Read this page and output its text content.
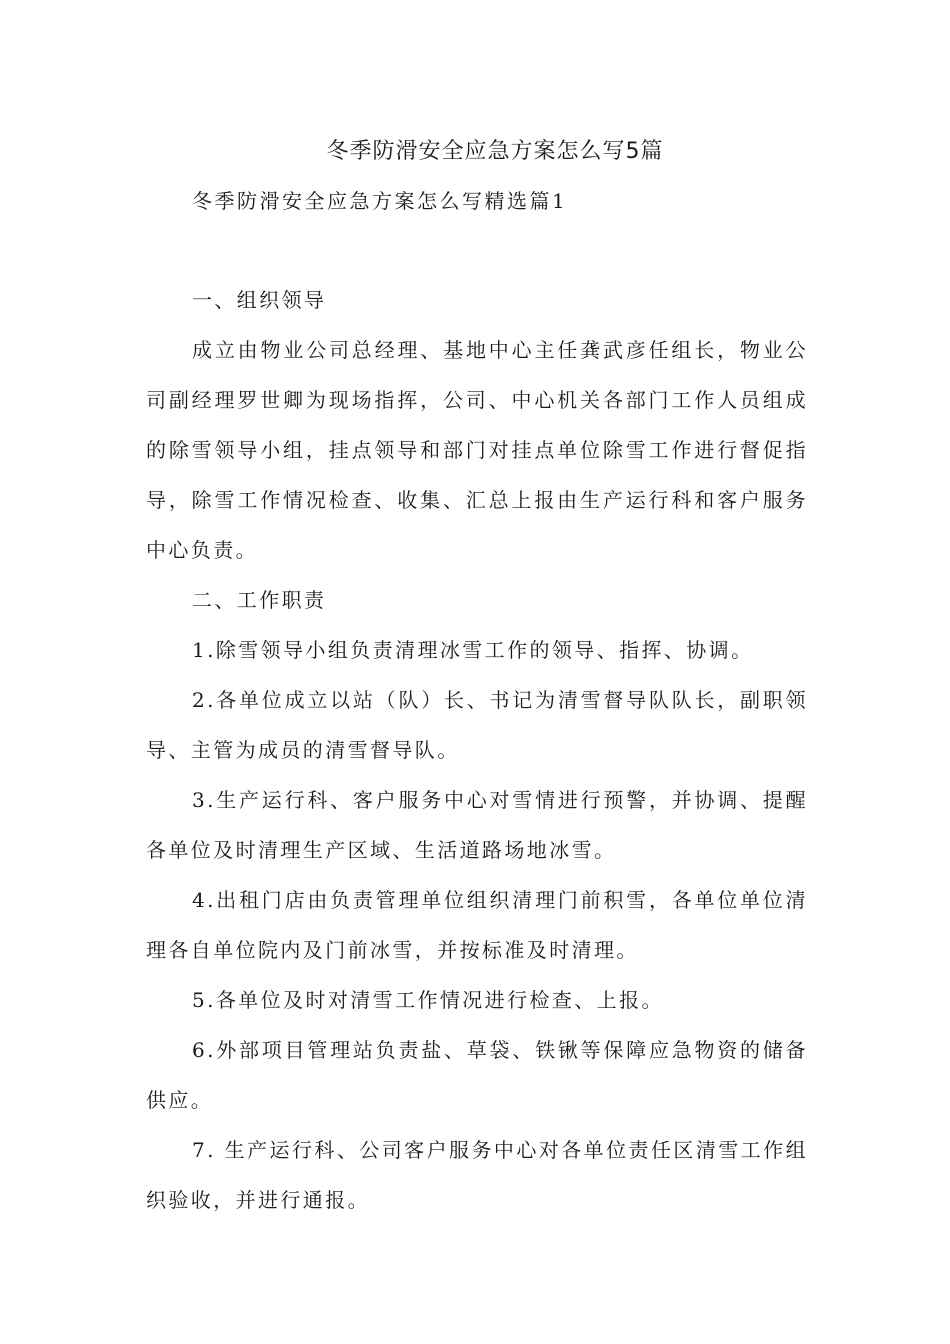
冬季防滑安全应急方案怎么写5篇
冬季防滑安全应急方案怎么写精选篇1

一、组织领导

成立由物业公司总经理、基地中心主任龚武彦任组长，物业公司副经理罗世卿为现场指挥，公司、中心机关各部门工作人员组成的除雪领导小组，挂点领导和部门对挂点单位除雪工作进行督促指导，除雪工作情况检查、收集、汇总上报由生产运行科和客户服务中心负责。

二、工作职责

1.除雪领导小组负责清理冰雪工作的领导、指挥、协调。

2.各单位成立以站（队）长、书记为清雪督导队队长，副职领导、主管为成员的清雪督导队。

3.生产运行科、客户服务中心对雪情进行预警，并协调、提醒各单位及时清理生产区域、生活道路场地冰雪。

4.出租门店由负责管理单位组织清理门前积雪，各单位单位清理各自单位院内及门前冰雪，并按标准及时清理。

5.各单位及时对清雪工作情况进行检查、上报。

6.外部项目管理站负责盐、草袋、铁锹等保障应急物资的储备供应。

7. 生产运行科、公司客户服务中心对各单位责任区清雪工作组织验收，并进行通报。
